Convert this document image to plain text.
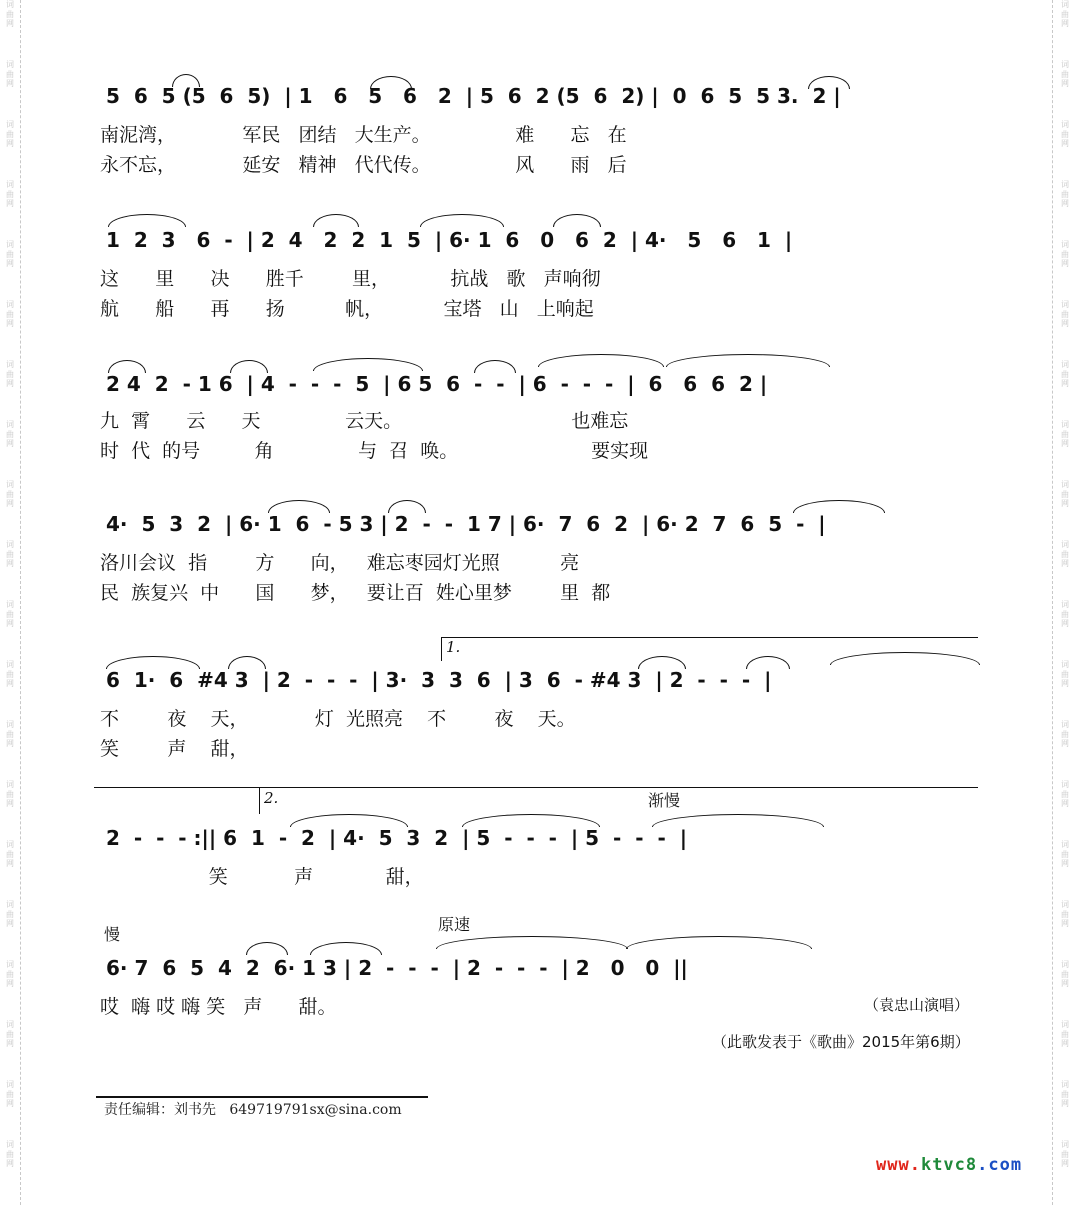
词
曲
网
词
曲
网
词
曲
网
词
曲
网
词
曲
网
词
曲
网
词
曲
网
词
曲
网
词
曲
网
词
曲
网
词
曲
网
词
曲
网
词
曲
网
词
曲
网
词
曲
网
词
曲
网
词
曲
网
词
曲
网
词
曲
网
词
曲
网
词
曲
网
词
曲
网
词
曲
网
词
曲
网
词
曲
网
词
曲
网
词
曲
网
词
曲
网
词
曲
网
词
曲
网
词
曲
网
词
曲
网
词
曲
网
词
曲
网
词
曲
网
词
曲
网
词
曲
网
词
曲
网
词
曲
网
词
曲
网
5  6  5 (5  6  5)  | 1   6   5   6   2  | 5  6  2 (5  6  2) |  0  6  5  5 3.  2 |
南泥湾，           军民   团结   大生产。              难      忘   在
永不忘，           延安   精神   代代传。              风      雨   后
1  2  3   6  -  | 2  4   2  2  1  5  | 6· 1  6   0   6  2  | 4·   5   6   1  |
这      里      决      胜千        里，          抗战   歌   声响彻
航      船      再      扬          帆，          宝塔   山   上响起
2 4  2  - 1 6  | 4  -  -  -  5  | 6 5  6  -  -  | 6  -  -  -  |  6   6  6  2 |
九  霄      云      天              云天。                            也难忘
时  代  的号         角              与  召  唤。                      要实现
4·  5  3  2  | 6· 1  6  - 5 3 | 2  -  -  1 7 | 6·  7  6  2  | 6· 2  7  6  5  -  |
洛川会议  指        方      向，   难忘枣园灯光照          亮
民  族复兴  中      国      梦，   要让百  姓心里梦        里  都
1.
6  1·  6  #4 3  | 2  -  -  -  | 3·  3  3  6  | 3  6  - #4 3  | 2  -  -  -  |
不        夜    天，           灯  光照亮    不        夜    天。
笑        声    甜，
2.	渐慢
2  -  -  - :|| 6  1  -  2  | 4·  5  3  2  | 5  -  -  -  | 5  -  -  -  |
笑           声            甜，
慢
原速
6· 7  6  5  4  2  6· 1 3 | 2  -  -  -  | 2  -  -  -  | 2   0   0  ||
哎  嗨 哎 嗨 笑   声      甜。	（袁忠山演唱）
（此歌发表于《歌曲》2015年第6期）
责任编辑：刘书先   649719791sx@sina.com
www.ktvc8.com
